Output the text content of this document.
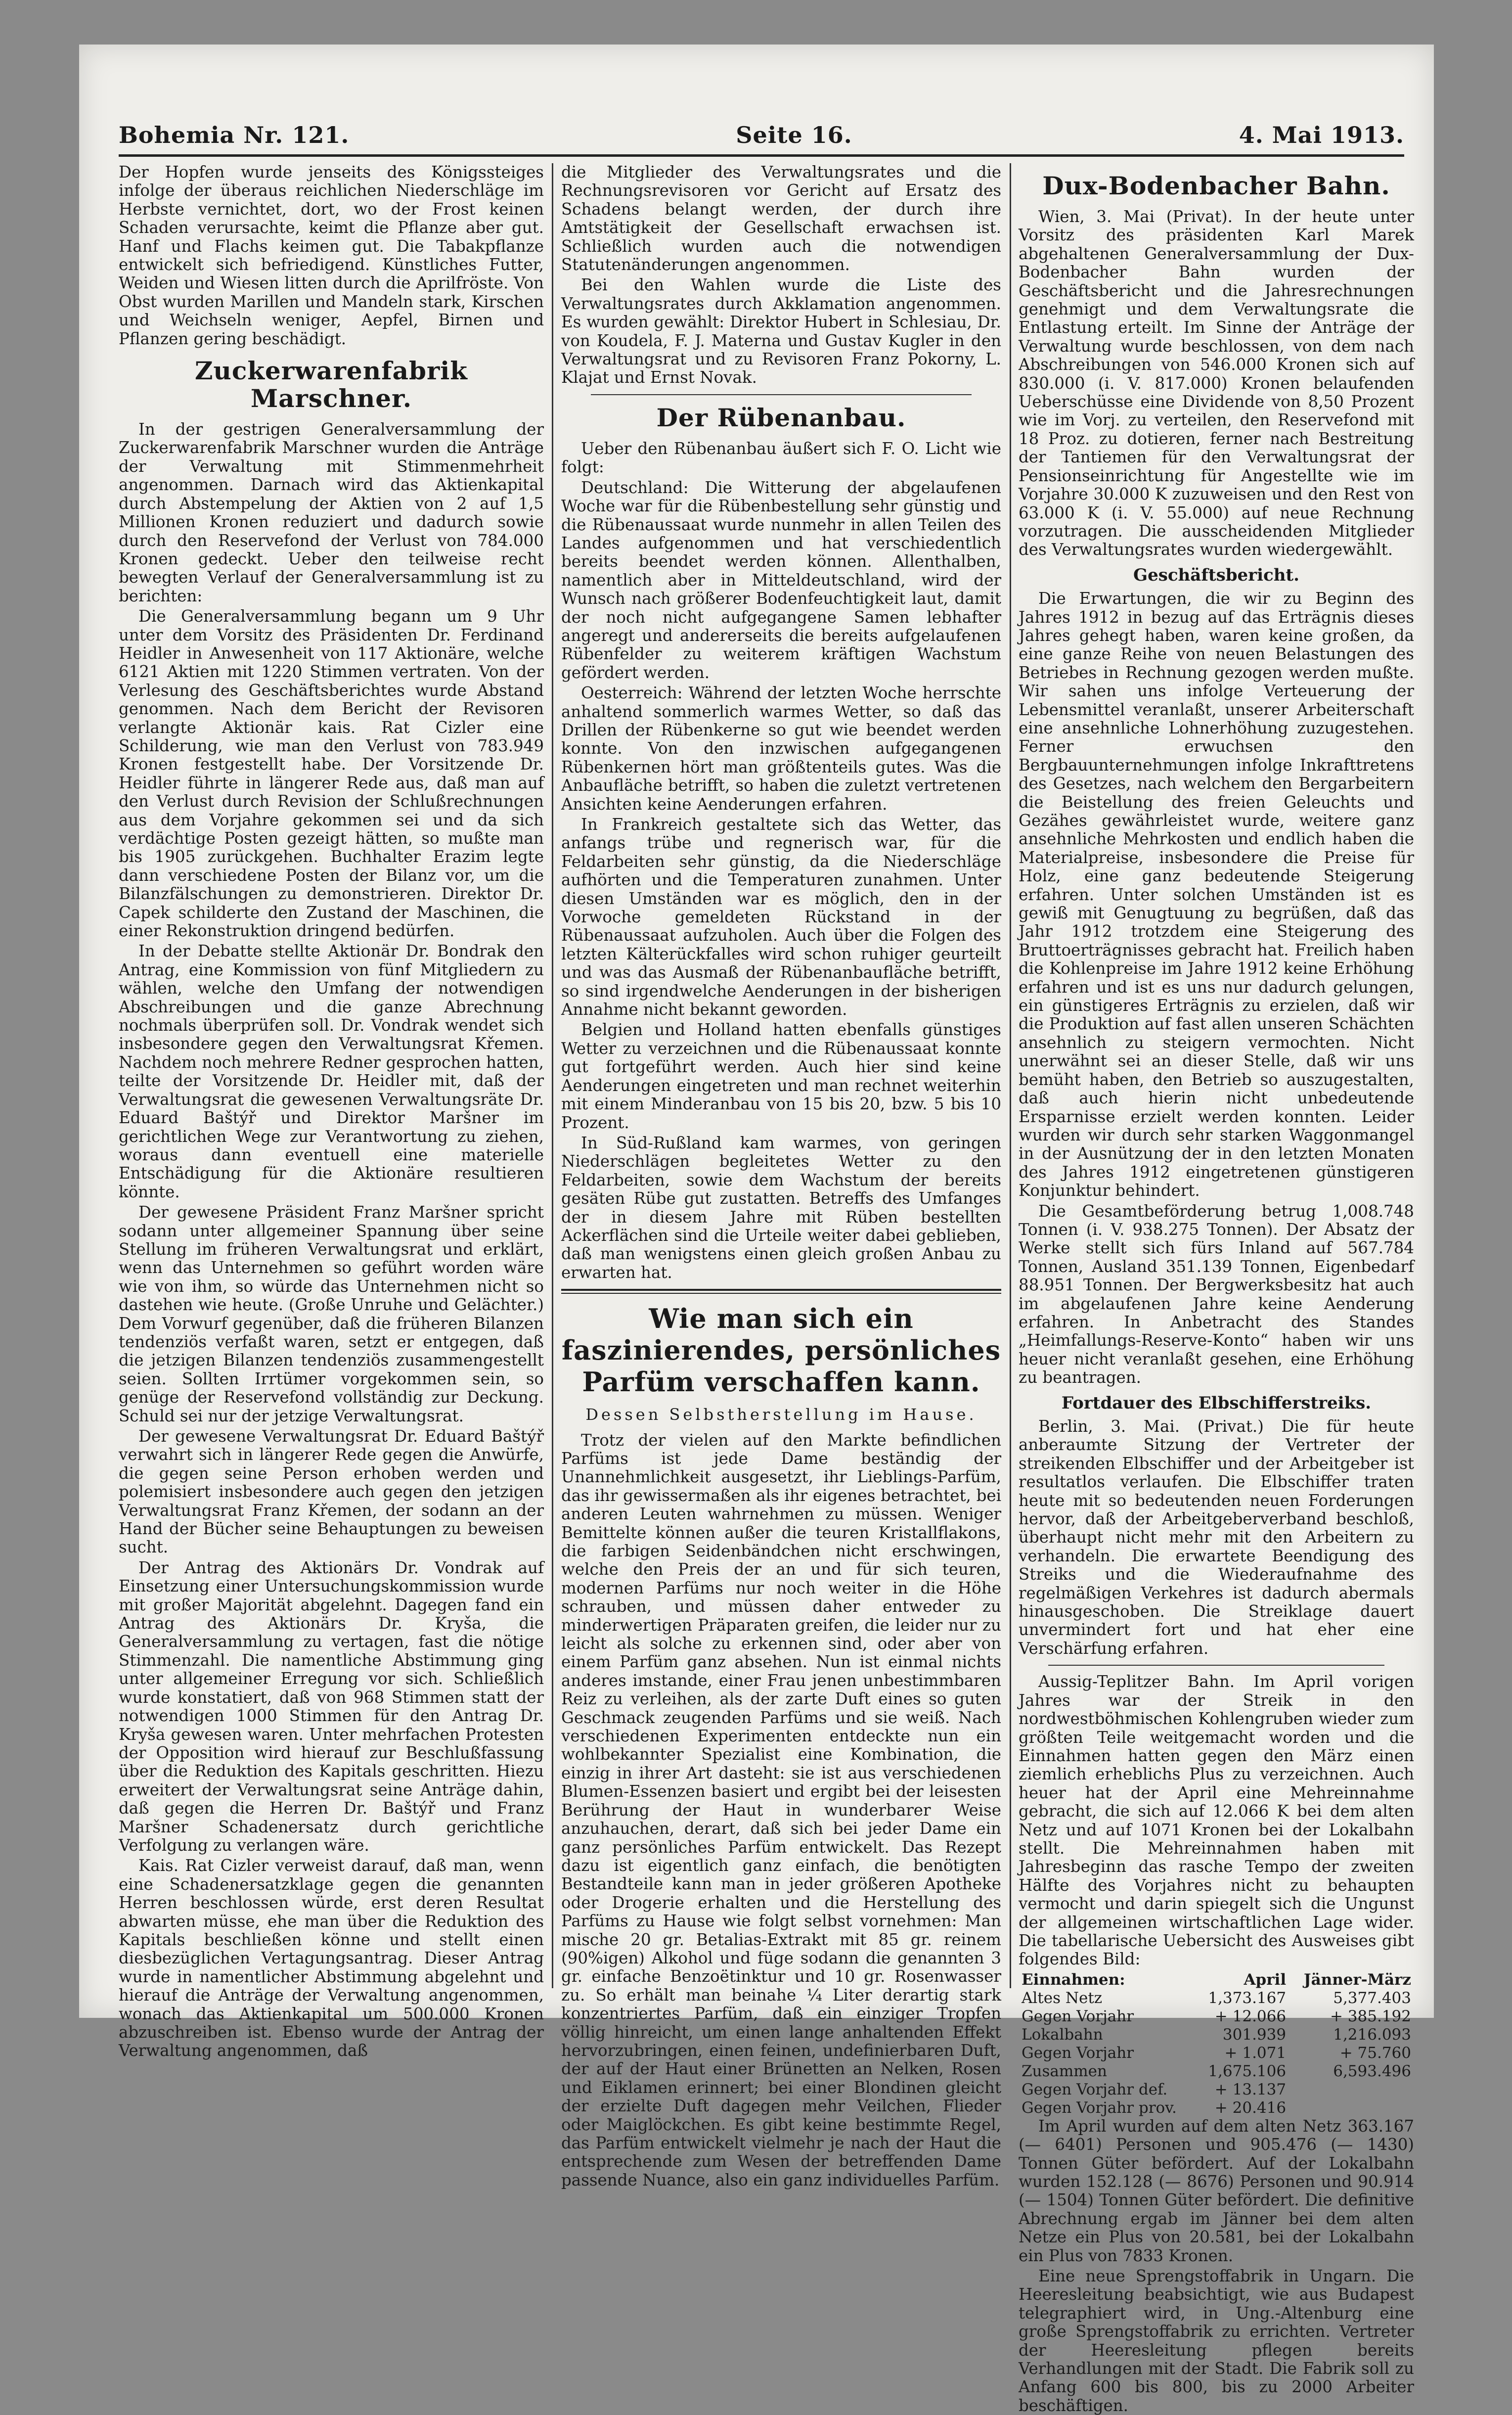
Bohemia Nr. 121.	Seite 16.	4. Mai 1913.

Der Hopfen wurde jenseits des Königssteiges infolge der überaus reichlichen Niederschläge im Herbste vernichtet, dort, wo der Frost keinen Schaden verursachte, keimt die Pflanze aber gut. Hanf und Flachs keimen gut. Die Tabakpflanze entwickelt sich befriedigend. Künstliches Futter, Weiden und Wiesen litten durch die Aprilfröste. Von Obst wurden Marillen und Mandeln stark, Kirschen und Weichseln weniger, Aepfel, Birnen und Pflanzen gering beschädigt.

Zuckerwarenfabrik Marschner.

In der gestrigen Generalversammlung der Zuckerwarenfabrik Marschner wurden die Anträge der Verwaltung mit Stimmenmehrheit angenommen. Darnach wird das Aktienkapital durch Abstempelung der Aktien von 2 auf 1,5 Millionen Kronen reduziert und dadurch sowie durch den Reservefond der Verlust von 784.000 Kronen gedeckt. Ueber den teilweise recht bewegten Verlauf der Generalversammlung ist zu berichten:

Die Generalversammlung begann um 9 Uhr unter dem Vorsitz des Präsidenten Dr. Ferdinand Heidler in Anwesenheit von 117 Aktionäre, welche 6121 Aktien mit 1220 Stimmen vertraten. Von der Verlesung des Geschäftsberichtes wurde Abstand genommen. Nach dem Bericht der Revisoren verlangte Aktionär kais. Rat Cizler eine Schilderung, wie man den Verlust von 783.949 Kronen festgestellt habe. Der Vorsitzende Dr. Heidler führte in längerer Rede aus, daß man auf den Verlust durch Revision der Schlußrechnungen aus dem Vorjahre gekommen sei und da sich verdächtige Posten gezeigt hätten, so mußte man bis 1905 zurückgehen. Buchhalter Erazim legte dann verschiedene Posten der Bilanz vor, um die Bilanzfälschungen zu demonstrieren. Direktor Dr. Capek schilderte den Zustand der Maschinen, die einer Rekonstruktion dringend bedürfen.

In der Debatte stellte Aktionär Dr. Bondrak den Antrag, eine Kommission von fünf Mitgliedern zu wählen, welche den Umfang der notwendigen Abschreibungen und die ganze Abrechnung nochmals überprüfen soll. Dr. Vondrak wendet sich insbesondere gegen den Verwaltungsrat Křemen. Nachdem noch mehrere Redner gesprochen hatten, teilte der Vorsitzende Dr. Heidler mit, daß der Verwaltungsrat die gewesenen Verwaltungsräte Dr. Eduard Baštýř und Direktor Maršner im gerichtlichen Wege zur Verantwortung zu ziehen, woraus dann eventuell eine materielle Entschädigung für die Aktionäre resultieren könnte.

Der gewesene Präsident Franz Maršner spricht sodann unter allgemeiner Spannung über seine Stellung im früheren Verwaltungsrat und erklärt, wenn das Unternehmen so geführt worden wäre wie von ihm, so würde das Unternehmen nicht so dastehen wie heute. (Große Unruhe und Gelächter.) Dem Vorwurf gegenüber, daß die früheren Bilanzen tendenziös verfaßt waren, setzt er entgegen, daß die jetzigen Bilanzen tendenziös zusammengestellt seien. Sollten Irrtümer vorgekommen sein, so genüge der Reservefond vollständig zur Deckung. Schuld sei nur der jetzige Verwaltungsrat.

Der gewesene Verwaltungsrat Dr. Eduard Baštýř verwahrt sich in längerer Rede gegen die Anwürfe, die gegen seine Person erhoben werden und polemisiert insbesondere auch gegen den jetzigen Verwaltungsrat Franz Křemen, der sodann an der Hand der Bücher seine Behauptungen zu beweisen sucht.

Der Antrag des Aktionärs Dr. Vondrak auf Einsetzung einer Untersuchungskommission wurde mit großer Majorität abgelehnt. Dagegen fand ein Antrag des Aktionärs Dr. Kryša, die Generalversammlung zu vertagen, fast die nötige Stimmenzahl. Die namentliche Abstimmung ging unter allgemeiner Erregung vor sich. Schließlich wurde konstatiert, daß von 968 Stimmen statt der notwendigen 1000 Stimmen für den Antrag Dr. Kryša gewesen waren. Unter mehrfachen Protesten der Opposition wird hierauf zur Beschlußfassung über die Reduktion des Kapitals geschritten. Hiezu erweitert der Verwaltungsrat seine Anträge dahin, daß gegen die Herren Dr. Baštýř und Franz Maršner Schadenersatz durch gerichtliche Verfolgung zu verlangen wäre.

Kais. Rat Cizler verweist darauf, daß man, wenn eine Schadenersatzklage gegen die genannten Herren beschlossen würde, erst deren Resultat abwarten müsse, ehe man über die Reduktion des Kapitals beschließen könne und stellt einen diesbezüglichen Vertagungsantrag. Dieser Antrag wurde in namentlicher Abstimmung abgelehnt und hierauf die Anträge der Verwaltung angenommen, wonach das Aktienkapital um 500.000 Kronen abzuschreiben ist. Ebenso wurde der Antrag der Verwaltung angenommen, daß

die Mitglieder des Verwaltungsrates und die Rechnungsrevisoren vor Gericht auf Ersatz des Schadens belangt werden, der durch ihre Amtstätigkeit der Gesellschaft erwachsen ist. Schließlich wurden auch die notwendigen Statutenänderungen angenommen.

Bei den Wahlen wurde die Liste des Verwaltungsrates durch Akklamation angenommen. Es wurden gewählt: Direktor Hubert in Schlesiau, Dr. von Koudela, F. J. Materna und Gustav Kugler in den Verwaltungsrat und zu Revisoren Franz Pokorny, L. Klajat und Ernst Novak.

Der Rübenanbau.

Ueber den Rübenanbau äußert sich F. O. Licht wie folgt:

Deutschland: Die Witterung der abgelaufenen Woche war für die Rübenbestellung sehr günstig und die Rübenaussaat wurde nunmehr in allen Teilen des Landes aufgenommen und hat verschiedentlich bereits beendet werden können. Allenthalben, namentlich aber in Mitteldeutschland, wird der Wunsch nach größerer Bodenfeuchtigkeit laut, damit der noch nicht aufgegangene Samen lebhafter angeregt und andererseits die bereits aufgelaufenen Rübenfelder zu weiterem kräftigen Wachstum gefördert werden.

Oesterreich: Während der letzten Woche herrschte anhaltend sommerlich warmes Wetter, so daß das Drillen der Rübenkerne so gut wie beendet werden konnte. Von den inzwischen aufgegangenen Rübenkernen hört man größtenteils gutes. Was die Anbaufläche betrifft, so haben die zuletzt vertretenen Ansichten keine Aenderungen erfahren.

In Frankreich gestaltete sich das Wetter, das anfangs trübe und regnerisch war, für die Feldarbeiten sehr günstig, da die Niederschläge aufhörten und die Temperaturen zunahmen. Unter diesen Umständen war es möglich, den in der Vorwoche gemeldeten Rückstand in der Rübenaussaat aufzuholen. Auch über die Folgen des letzten Kälterückfalles wird schon ruhiger geurteilt und was das Ausmaß der Rübenanbaufläche betrifft, so sind irgendwelche Aenderungen in der bisherigen Annahme nicht bekannt geworden.

Belgien und Holland hatten ebenfalls günstiges Wetter zu verzeichnen und die Rübenaussaat konnte gut fortgeführt werden. Auch hier sind keine Aenderungen eingetreten und man rechnet weiterhin mit einem Minderanbau von 15 bis 20, bzw. 5 bis 10 Prozent.

In Süd-Rußland kam warmes, von geringen Niederschlägen begleitetes Wetter zu den Feldarbeiten, sowie dem Wachstum der bereits gesäten Rübe gut zustatten. Betreffs des Umfanges der in diesem Jahre mit Rüben bestellten Ackerflächen sind die Urteile weiter dabei geblieben, daß man wenigstens einen gleich großen Anbau zu erwarten hat.

Wie man sich ein faszinierendes, persönliches Parfüm verschaffen kann.
Dessen Selbstherstellung im Hause.

Trotz der vielen auf den Markte befindlichen Parfüms ist jede Dame beständig der Unannehmlichkeit ausgesetzt, ihr Lieblings-Parfüm, das ihr gewissermaßen als ihr eigenes betrachtet, bei anderen Leuten wahrnehmen zu müssen. Weniger Bemittelte können außer die teuren Kristallflakons, die farbigen Seidenbändchen nicht erschwingen, welche den Preis der an und für sich teuren, modernen Parfüms nur noch weiter in die Höhe schrauben, und müssen daher entweder zu minderwertigen Präparaten greifen, die leider nur zu leicht als solche zu erkennen sind, oder aber von einem Parfüm ganz absehen. Nun ist einmal nichts anderes imstande, einer Frau jenen unbestimmbaren Reiz zu verleihen, als der zarte Duft eines so guten Geschmack zeugenden Parfüms und sie weiß. Nach verschiedenen Experimenten entdeckte nun ein wohlbekannter Spezialist eine Kombination, die einzig in ihrer Art dasteht: sie ist aus verschiedenen Blumen-Essenzen basiert und ergibt bei der leisesten Berührung der Haut in wunderbarer Weise anzuhauchen, derart, daß sich bei jeder Dame ein ganz persönliches Parfüm entwickelt. Das Rezept dazu ist eigentlich ganz einfach, die benötigten Bestandteile kann man in jeder größeren Apotheke oder Drogerie erhalten und die Herstellung des Parfüms zu Hause wie folgt selbst vornehmen: Man mische 20 gr. Betalias-Extrakt mit 85 gr. reinem (90%igen) Alkohol und füge sodann die genannten 3 gr. einfache Benzoëtinktur und 10 gr. Rosenwasser zu. So erhält man beinahe ¼ Liter derartig stark konzentriertes Parfüm, daß ein einziger Tropfen völlig hinreicht, um einen lange anhaltenden Effekt hervorzubringen, einen feinen, undefinierbaren Duft, der auf der Haut einer Brünetten an Nelken, Rosen und Eiklamen erinnert; bei einer Blondinen gleicht der erzielte Duft dagegen mehr Veilchen, Flieder oder Maiglöckchen. Es gibt keine bestimmte Regel, das Parfüm entwickelt vielmehr je nach der Haut die entsprechende zum Wesen der betreffenden Dame passende Nuance, also ein ganz individuelles Parfüm.

Dux-Bodenbacher Bahn.

Wien, 3. Mai (Privat). In der heute unter Vorsitz des präsidenten Karl Marek abgehaltenen Generalversammlung der Dux-Bodenbacher Bahn wurden der Geschäftsbericht und die Jahresrechnungen genehmigt und dem Verwaltungsrate die Entlastung erteilt. Im Sinne der Anträge der Verwaltung wurde beschlossen, von dem nach Abschreibungen von 546.000 Kronen sich auf 830.000 (i. V. 817.000) Kronen belaufenden Ueberschüsse eine Dividende von 8,50 Prozent wie im Vorj. zu verteilen, den Reservefond mit 18 Proz. zu dotieren, ferner nach Bestreitung der Tantiemen für den Verwaltungsrat der Pensionseinrichtung für Angestellte wie im Vorjahre 30.000 K zuzuweisen und den Rest von 63.000 K (i. V. 55.000) auf neue Rechnung vorzutragen. Die ausscheidenden Mitglieder des Verwaltungsrates wurden wiedergewählt.

Geschäftsbericht.

Die Erwartungen, die wir zu Beginn des Jahres 1912 in bezug auf das Erträgnis dieses Jahres gehegt haben, waren keine großen, da eine ganze Reihe von neuen Belastungen des Betriebes in Rechnung gezogen werden mußte. Wir sahen uns infolge Verteuerung der Lebensmittel veranlaßt, unserer Arbeiterschaft eine ansehnliche Lohnerhöhung zuzugestehen. Ferner erwuchsen den Bergbauunternehmungen infolge Inkrafttretens des Gesetzes, nach welchem den Bergarbeitern die Beistellung des freien Geleuchts und Gezähes gewährleistet wurde, weitere ganz ansehnliche Mehrkosten und endlich haben die Materialpreise, insbesondere die Preise für Holz, eine ganz bedeutende Steigerung erfahren. Unter solchen Umständen ist es gewiß mit Genugtuung zu begrüßen, daß das Jahr 1912 trotzdem eine Steigerung des Bruttoerträgnisses gebracht hat. Freilich haben die Kohlenpreise im Jahre 1912 keine Erhöhung erfahren und ist es uns nur dadurch gelungen, ein günstigeres Erträgnis zu erzielen, daß wir die Produktion auf fast allen unseren Schächten ansehnlich zu steigern vermochten. Nicht unerwähnt sei an dieser Stelle, daß wir uns bemüht haben, den Betrieb so auszugestalten, daß auch hierin nicht unbedeutende Ersparnisse erzielt werden konnten. Leider wurden wir durch sehr starken Waggonmangel in der Ausnützung der in den letzten Monaten des Jahres 1912 eingetretenen günstigeren Konjunktur behindert.

Die Gesamtbeförderung betrug 1,008.748 Tonnen (i. V. 938.275 Tonnen). Der Absatz der Werke stellt sich fürs Inland auf 567.784 Tonnen, Ausland 351.139 Tonnen, Eigenbedarf 88.951 Tonnen. Der Bergwerksbesitz hat auch im abgelaufenen Jahre keine Aenderung erfahren. In Anbetracht des Standes „Heimfallungs-Reserve-Konto“ haben wir uns heuer nicht veranlaßt gesehen, eine Erhöhung zu beantragen.

Fortdauer des Elbschifferstreiks.

Berlin, 3. Mai. (Privat.) Die für heute anberaumte Sitzung der Vertreter der streikenden Elbschiffer und der Arbeitgeber ist resultatlos verlaufen. Die Elbschiffer traten heute mit so bedeutenden neuen Forderungen hervor, daß der Arbeitgeberverband beschloß, überhaupt nicht mehr mit den Arbeitern zu verhandeln. Die erwartete Beendigung des Streiks und die Wiederaufnahme des regelmäßigen Verkehres ist dadurch abermals hinausgeschoben. Die Streiklage dauert unvermindert fort und hat eher eine Verschärfung erfahren.

Aussig-Teplitzer Bahn. Im April vorigen Jahres war der Streik in den nordwestböhmischen Kohlengruben wieder zum größten Teile weitgemacht worden und die Einnahmen hatten gegen den März einen ziemlich erheblichs Plus zu verzeichnen. Auch heuer hat der April eine Mehreinnahme gebracht, die sich auf 12.066 K bei dem alten Netz und auf 1071 Kronen bei der Lokalbahn stellt. Die Mehreinnahmen haben mit Jahresbeginn das rasche Tempo der zweiten Hälfte des Vorjahres nicht zu behaupten vermocht und darin spiegelt sich die Ungunst der allgemeinen wirtschaftlichen Lage wider. Die tabellarische Uebersicht des Ausweises gibt folgendes Bild:

Einnahmen:	April	Jänner-März
Altes Netz	1,373.167	5,377.403
Gegen Vorjahr	+ 12.066	+ 385.192
Lokalbahn	301.939	1,216.093
Gegen Vorjahr	+ 1.071	+ 75.760
Zusammen	1,675.106	6,593.496
Gegen Vorjahr def.	+ 13.137	
Gegen Vorjahr prov.	+ 20.416	

Im April wurden auf dem alten Netz 363.167 (— 6401) Personen und 905.476 (— 1430) Tonnen Güter befördert. Auf der Lokalbahn wurden 152.128 (— 8676) Personen und 90.914 (— 1504) Tonnen Güter befördert. Die definitive Abrechnung ergab im Jänner bei dem alten Netze ein Plus von 20.581, bei der Lokalbahn ein Plus von 7833 Kronen.

Eine neue Sprengstoffabrik in Ungarn. Die Heeresleitung beabsichtigt, wie aus Budapest telegraphiert wird, in Ung.-Altenburg eine große Sprengstoffabrik zu errichten. Vertreter der Heeresleitung pflegen bereits Verhandlungen mit der Stadt. Die Fabrik soll zu Anfang 600 bis 800, bis zu 2000 Arbeiter beschäftigen.
